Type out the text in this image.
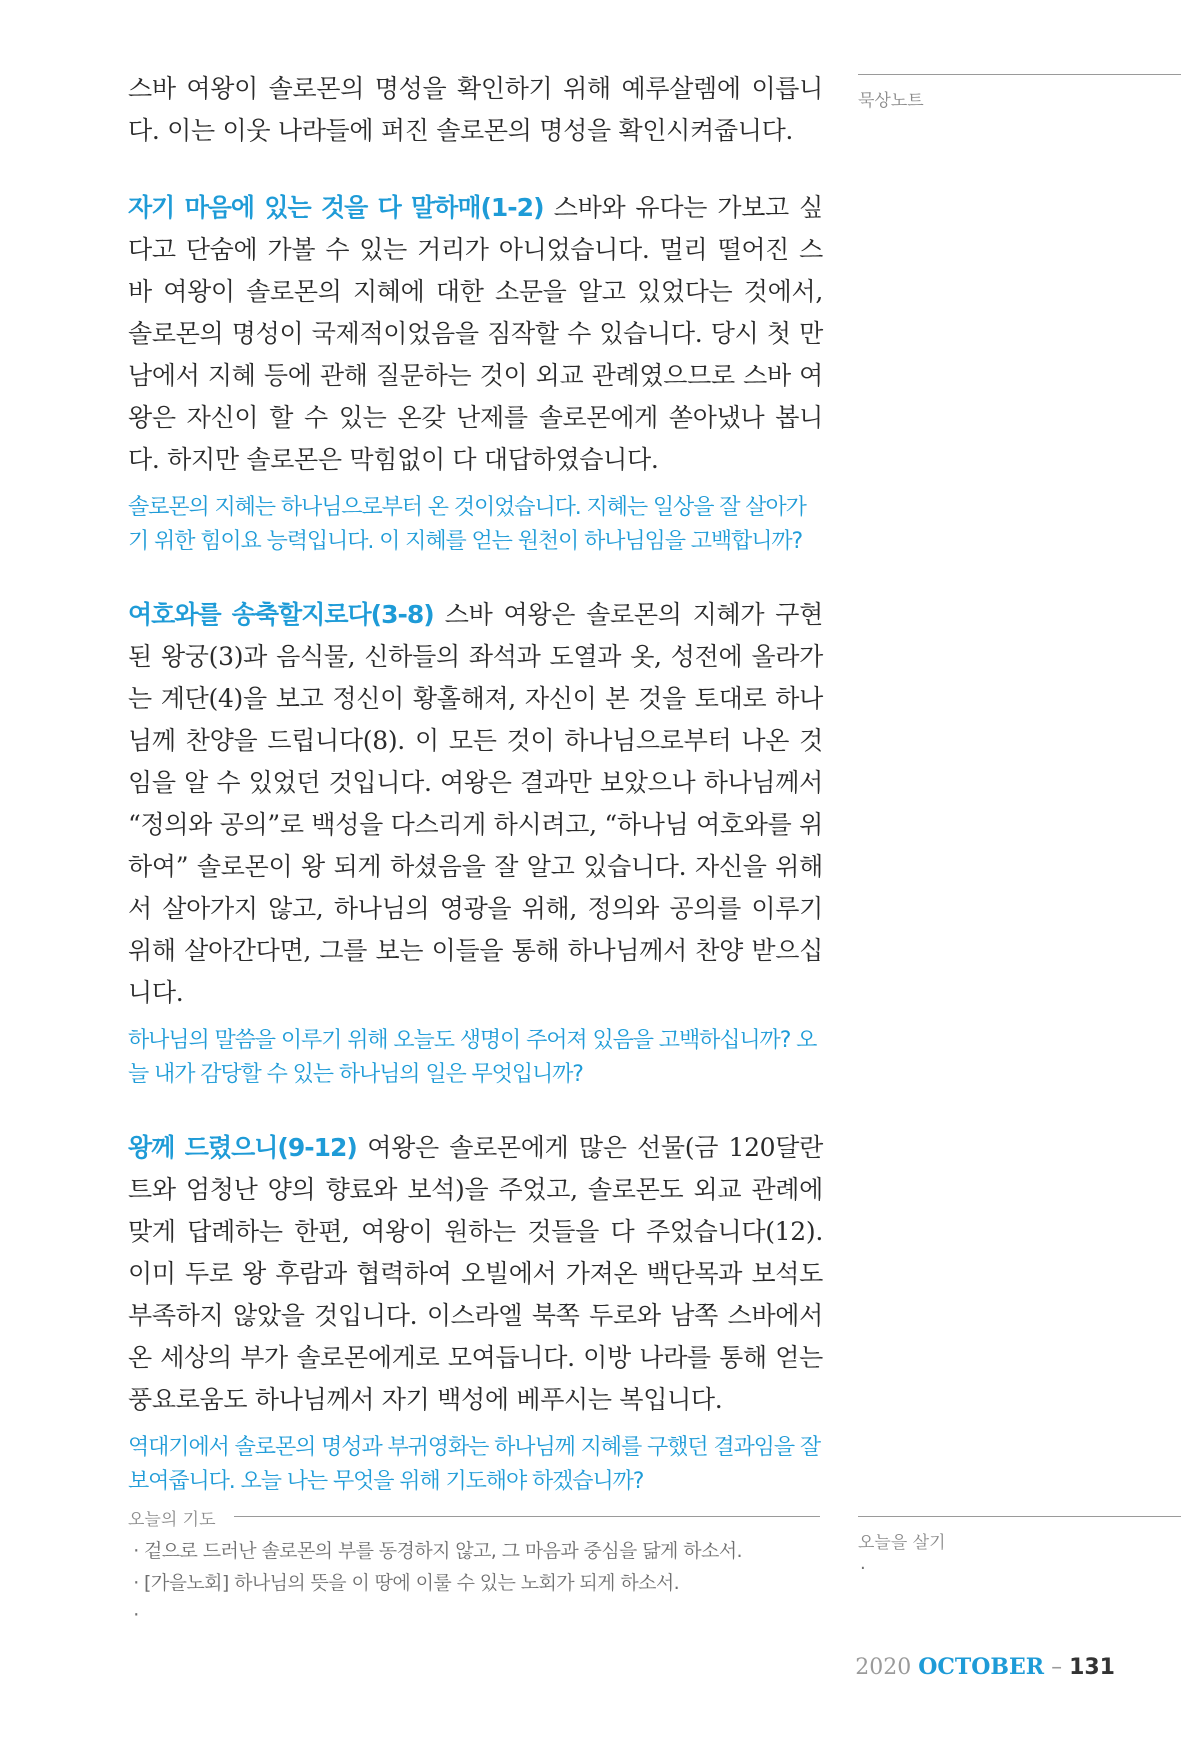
묵상노트

스바 여왕이 솔로몬의 명성을 확인하기 위해 예루살렘에 이릅니다. 이는 이웃 나라들에 퍼진 솔로몬의 명성을 확인시켜줍니다.

자기 마음에 있는 것을 다 말하매(1-2) 스바와 유다는 가보고 싶다고 단숨에 가볼 수 있는 거리가 아니었습니다. 멀리 떨어진 스바 여왕이 솔로몬의 지혜에 대한 소문을 알고 있었다는 것에서, 솔로몬의 명성이 국제적이었음을 짐작할 수 있습니다. 당시 첫 만남에서 지혜 등에 관해 질문하는 것이 외교 관례였으므로 스바 여왕은 자신이 할 수 있는 온갖 난제를 솔로몬에게 쏟아냈나 봅니다. 하지만 솔로몬은 막힘없이 다 대답하였습니다.

솔로몬의 지혜는 하나님으로부터 온 것이었습니다. 지혜는 일상을 잘 살아가기 위한 힘이요 능력입니다. 이 지혜를 얻는 원천이 하나님임을 고백합니까?

여호와를 송축할지로다(3-8) 스바 여왕은 솔로몬의 지혜가 구현된 왕궁(3)과 음식물, 신하들의 좌석과 도열과 옷, 성전에 올라가는 계단(4)을 보고 정신이 황홀해져, 자신이 본 것을 토대로 하나님께 찬양을 드립니다(8). 이 모든 것이 하나님으로부터 나온 것임을 알 수 있었던 것입니다. 여왕은 결과만 보았으나 하나님께서 “정의와 공의”로 백성을 다스리게 하시려고, “하나님 여호와를 위하여” 솔로몬이 왕 되게 하셨음을 잘 알고 있습니다. 자신을 위해서 살아가지 않고, 하나님의 영광을 위해, 정의와 공의를 이루기 위해 살아간다면, 그를 보는 이들을 통해 하나님께서 찬양 받으십니다.

하나님의 말씀을 이루기 위해 오늘도 생명이 주어져 있음을 고백하십니까? 오늘 내가 감당할 수 있는 하나님의 일은 무엇입니까?

왕께 드렸으니(9-12) 여왕은 솔로몬에게 많은 선물(금 120달란트와 엄청난 양의 향료와 보석)을 주었고, 솔로몬도 외교 관례에 맞게 답례하는 한편, 여왕이 원하는 것들을 다 주었습니다(12). 이미 두로 왕 후람과 협력하여 오빌에서 가져온 백단목과 보석도 부족하지 않았을 것입니다. 이스라엘 북쪽 두로와 남쪽 스바에서 온 세상의 부가 솔로몬에게로 모여듭니다. 이방 나라를 통해 얻는 풍요로움도 하나님께서 자기 백성에 베푸시는 복입니다.

역대기에서 솔로몬의 명성과 부귀영화는 하나님께 지혜를 구했던 결과임을 잘 보여줍니다. 오늘 나는 무엇을 위해 기도해야 하겠습니까?

오늘의 기도
· 겉으로 드러난 솔로몬의 부를 동경하지 않고, 그 마음과 중심을 닮게 하소서.
· [가을노회] 하나님의 뜻을 이 땅에 이룰 수 있는 노회가 되게 하소서.
·
오늘을 살기
·
2020 OCTOBER – 131
